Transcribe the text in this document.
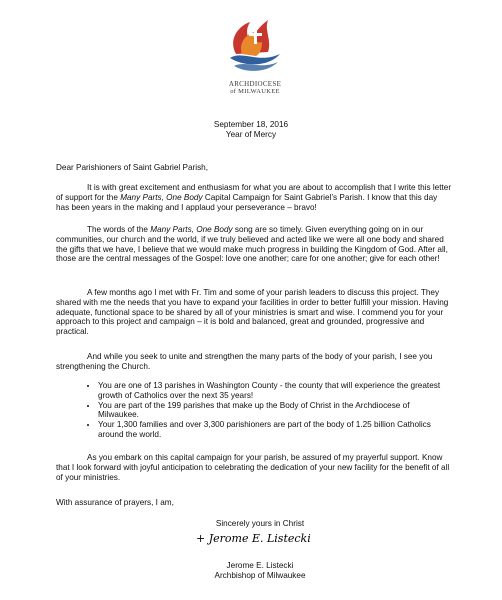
ARCHDIOCESE
of MILWAUKEE
September 18, 2016
Year of Mercy

Dear Parishioners of Saint Gabriel Parish,

It is with great excitement and enthusiasm for what you are about to accomplish that I write this letter of support for the Many Parts, One Body Capital Campaign for Saint Gabriel’s Parish. I know that this day has been years in the making and I applaud your perseverance – bravo!

The words of the Many Parts, One Body song are so timely. Given everything going on in our communities, our church and the world, if we truly believed and acted like we were all one body and shared the gifts that we have, I believe that we would make much progress in building the Kingdom of God. After all, those are the central messages of the Gospel: love one another; care for one another; give for each other!

A few months ago I met with Fr. Tim and some of your parish leaders to discuss this project. They shared with me the needs that you have to expand your facilities in order to better fulfill your mission. Having adequate, functional space to be shared by all of your ministries is smart and wise. I commend you for your approach to this project and campaign – it is bold and balanced, great and grounded, progressive and practical.

And while you seek to unite and strengthen the many parts of the body of your parish, I see you strengthening the Church.

• You are one of 13 parishes in Washington County - the county that will experience the greatest growth of Catholics over the next 35 years!
• You are part of the 199 parishes that make up the Body of Christ in the Archdiocese of Milwaukee.
• Your 1,300 families and over 3,300 parishioners are part of the body of 1.25 billion Catholics around the world.

As you embark on this capital campaign for your parish, be assured of my prayerful support. Know that I look forward with joyful anticipation to celebrating the dedication of your new facility for the benefit of all of your ministries.

With assurance of prayers, I am,

Sincerely yours in Christ
+ Jerome E. Listecki
Jerome E. Listecki
Archbishop of Milwaukee
